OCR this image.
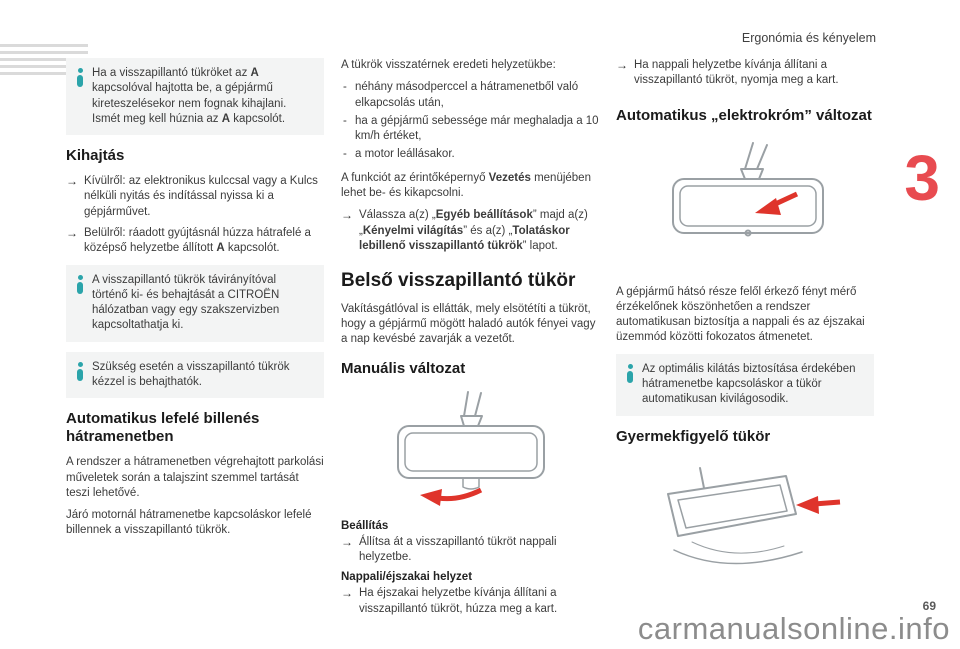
Ergonómia és kényelem
3

Ha a visszapillantó tükröket az A kapcsolóval hajtotta be, a gépjármű kireteszelésekor nem fognak kihajlani. Ismét meg kell húznia az A kapcsolót.

Kihajtás
→ Kívülről: az elektronikus kulccsal vagy a Kulcs nélküli nyitás és indítással nyissa ki a gépjárművet.

→ Belülről: ráadott gyújtásnál húzza hátrafelé a középső helyzetbe állított A kapcsolót.

A visszapillantó tükrök távirányítóval történő ki- és behajtását a CITROËN hálózatban vagy egy szakszervizben kapcsoltathatja ki.

Szükség esetén a visszapillantó tükrök kézzel is behajthatók.

Automatikus lefelé billenés hátramenetben

A rendszer a hátramenetben végrehajtott parkolási műveletek során a talajszint szemmel tartását teszi lehetővé.

Járó motornál hátramenetbe kapcsoláskor lefelé billennek a visszapillantó tükrök.

A tükrök visszatérnek eredeti helyzetükbe:

- néhány másodperccel a hátramenetből való elkapcsolás után,

- ha a gépjármű sebessége már meghaladja a 10 km/h értéket,

- a motor leállásakor.

A funkciót az érintőképernyő Vezetés menüjében lehet be- és kikapcsolni.

→ Válassza a(z) „Egyéb beállítások” majd a(z) „Kényelmi világítás” és a(z) „Tolatáskor lebillenő visszapillantó tükrök” lapot.

Belső visszapillantó tükör

Vakításgátlóval is ellátták, mely elsötétíti a tükröt, hogy a gépjármű mögött haladó autók fényei vagy a nap kevésbé zavarják a vezetőt.

Manuális változat
Beállítás
→ Állítsa át a visszapillantó tükröt nappali helyzetbe.

Nappali/éjszakai helyzet
→ Ha éjszakai helyzetbe kívánja állítani a visszapillantó tükröt, húzza meg a kart.

→ Ha nappali helyzetbe kívánja állítani a visszapillantó tükröt, nyomja meg a kart.

Automatikus „elektrokróm” változat

A gépjármű hátsó része felől érkező fényt mérő érzékelőnek köszönhetően a rendszer automatikusan biztosítja a nappali és az éjszakai üzemmód közötti fokozatos átmenetet.

Az optimális kilátás biztosítása érdekében hátramenetbe kapcsoláskor a tükör automatikusan kivilágosodik.

Gyermekfigyelő tükör
69
carmanualsonline.info
